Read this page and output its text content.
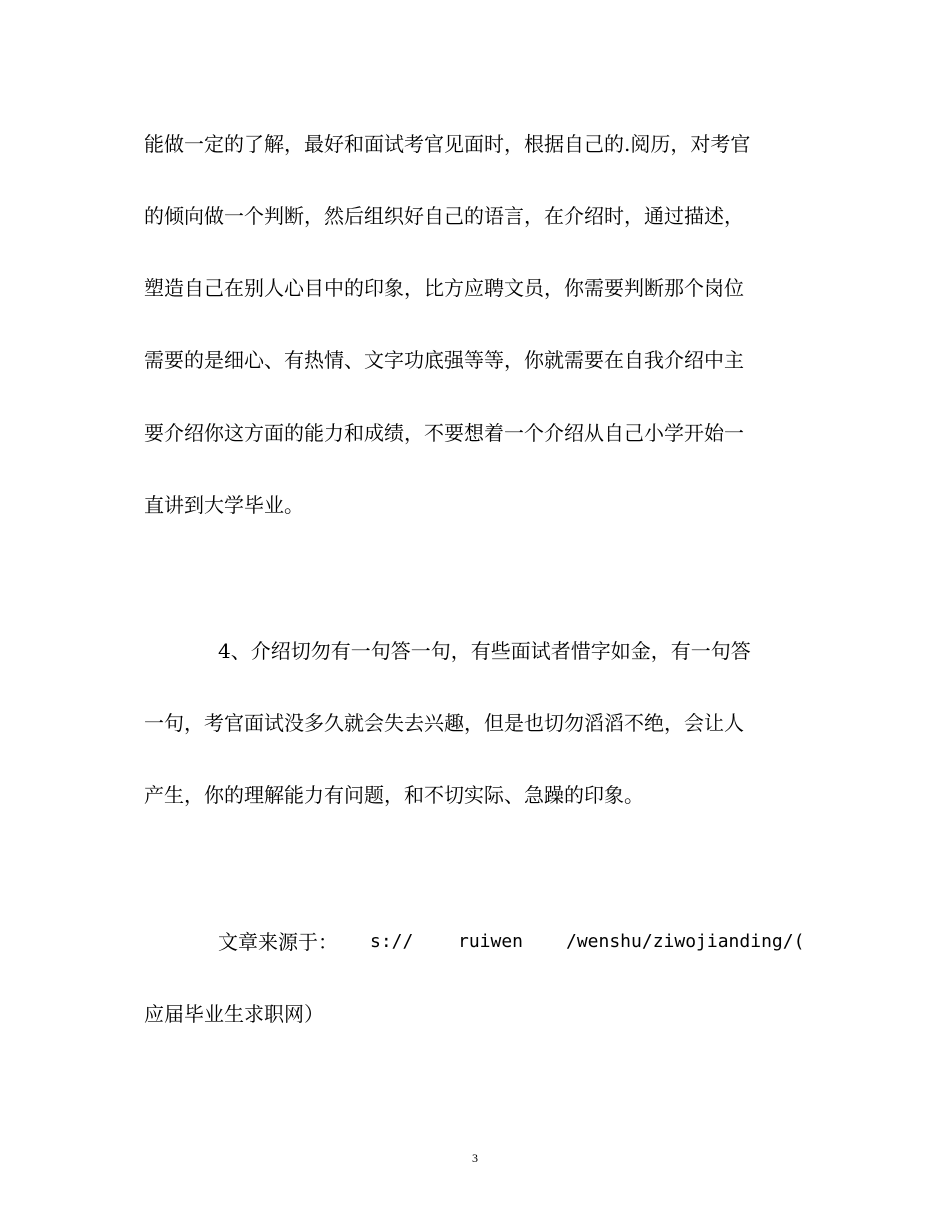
能做一定的了解，最好和面试考官见面时，根据自己的.阅历，对考官
的倾向做一个判断，然后组织好自己的语言，在介绍时，通过描述，
塑造自己在别人心目中的印象，比方应聘文员，你需要判断那个岗位
需要的是细心、有热情、文字功底强等等，你就需要在自我介绍中主
要介绍你这方面的能力和成绩，不要想着一个介绍从自己小学开始一
直讲到大学毕业。
4、介绍切勿有一句答一句，有些面试者惜字如金，有一句答
一句，考官面试没多久就会失去兴趣，但是也切勿滔滔不绝，会让人
产生，你的理解能力有问题，和不切实际、急躁的印象。
文章来源于： s:// ruiwen /wenshu/ziwojianding/(
应届毕业生求职网）
3
